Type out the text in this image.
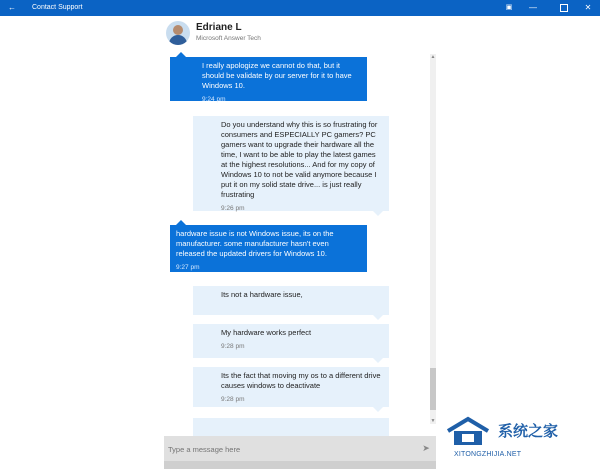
← Contact Support	▣	—	✕
Edriane L
Microsoft Answer Tech
I really apologize we cannot do that, but it should be validate by our server for it to have Windows 10.
9:24 pm
Do you understand why this is so frustrating for consumers and ESPECIALLY PC gamers? PC gamers want to upgrade their hardware all the time, I want to be able to play the latest games at the highest resolutions... And for my copy of Windows 10 to not be valid anymore because I put it on my solid state drive... is just really frustrating
9:26 pm
hardware issue is not Windows issue, its on the manufacturer. some manufacturer hasn't even released the updated drivers for Windows 10.
9:27 pm
Its not a hardware issue,
My hardware works perfect
9:28 pm
Its the fact that moving my os to a different drive causes windows to deactivate
9:28 pm
▲
▼
Type a message here
➤
系统之家
XITONGZHIJIA.NET
